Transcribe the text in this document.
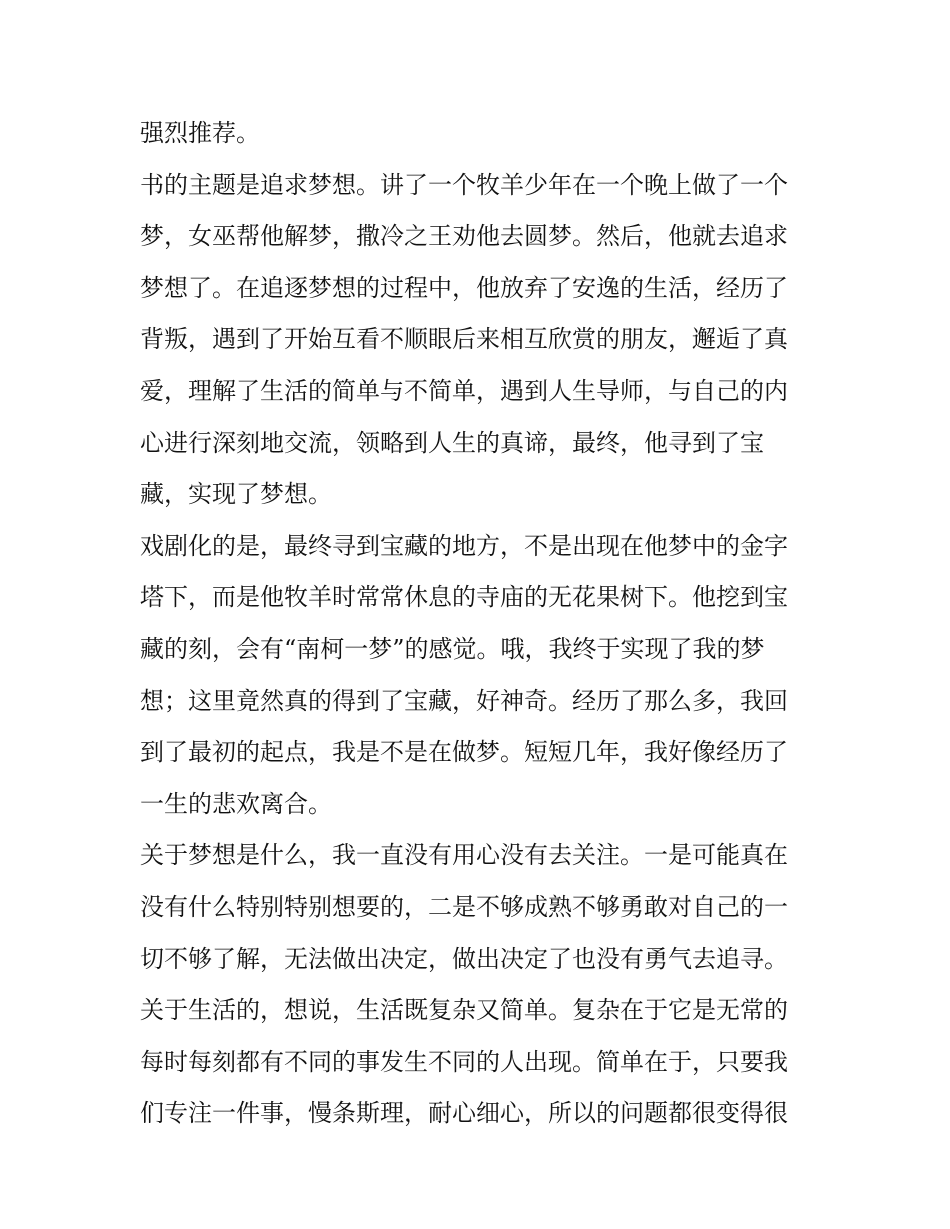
强烈推荐。
书的主题是追求梦想。讲了一个牧羊少年在一个晚上做了一个
梦，女巫帮他解梦，撒冷之王劝他去圆梦。然后，他就去追求
梦想了。在追逐梦想的过程中，他放弃了安逸的生活，经历了
背叛，遇到了开始互看不顺眼后来相互欣赏的朋友，邂逅了真
爱，理解了生活的简单与不简单，遇到人生导师，与自己的内
心进行深刻地交流，领略到人生的真谛，最终，他寻到了宝
藏，实现了梦想。
戏剧化的是，最终寻到宝藏的地方，不是出现在他梦中的金字
塔下，而是他牧羊时常常休息的寺庙的无花果树下。他挖到宝
藏的刻，会有“南柯一梦”的感觉。哦，我终于实现了我的梦
想；这里竟然真的得到了宝藏，好神奇。经历了那么多，我回
到了最初的起点，我是不是在做梦。短短几年，我好像经历了
一生的悲欢离合。
关于梦想是什么，我一直没有用心没有去关注。一是可能真在
没有什么特别特别想要的，二是不够成熟不够勇敢对自己的一
切不够了解，无法做出决定，做出决定了也没有勇气去追寻。
关于生活的，想说，生活既复杂又简单。复杂在于它是无常的
每时每刻都有不同的事发生不同的人出现。简单在于，只要我
们专注一件事，慢条斯理，耐心细心，所以的问题都很变得很
